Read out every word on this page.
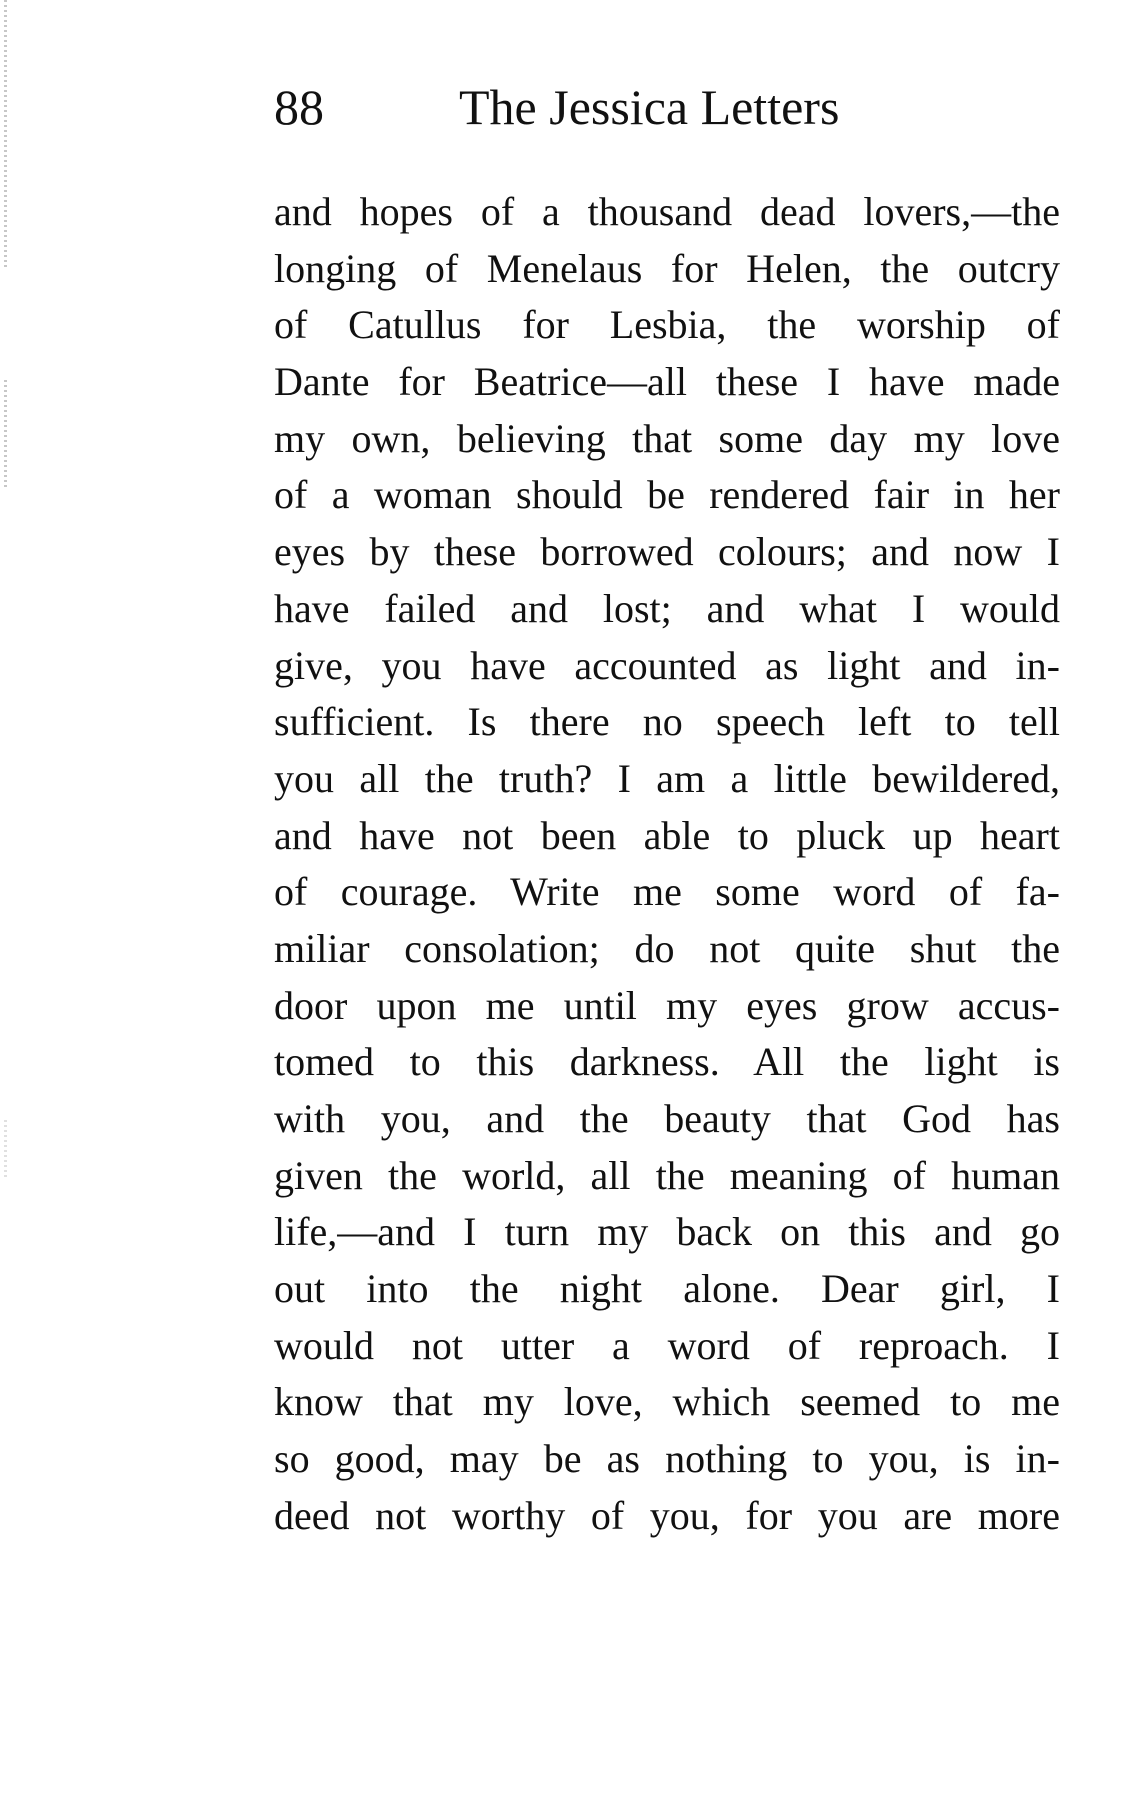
88	The Jessica Letters
and hopes of a thousand dead lovers,—the
longing of Menelaus for Helen, the outcry
of Catullus for Lesbia, the worship of
Dante for Beatrice—all these I have made
my own, believing that some day my love
of a woman should be rendered fair in her
eyes by these borrowed colours; and now I
have failed and lost; and what I would
give, you have accounted as light and in-
sufficient. Is there no speech left to tell
you all the truth? I am a little bewildered,
and have not been able to pluck up heart
of courage. Write me some word of fa-
miliar consolation; do not quite shut the
door upon me until my eyes grow accus-
tomed to this darkness. All the light is
with you, and the beauty that God has
given the world, all the meaning of human
life,—and I turn my back on this and go
out into the night alone. Dear girl, I
would not utter a word of reproach. I
know that my love, which seemed to me
so good, may be as nothing to you, is in-
deed not worthy of you, for you are more
